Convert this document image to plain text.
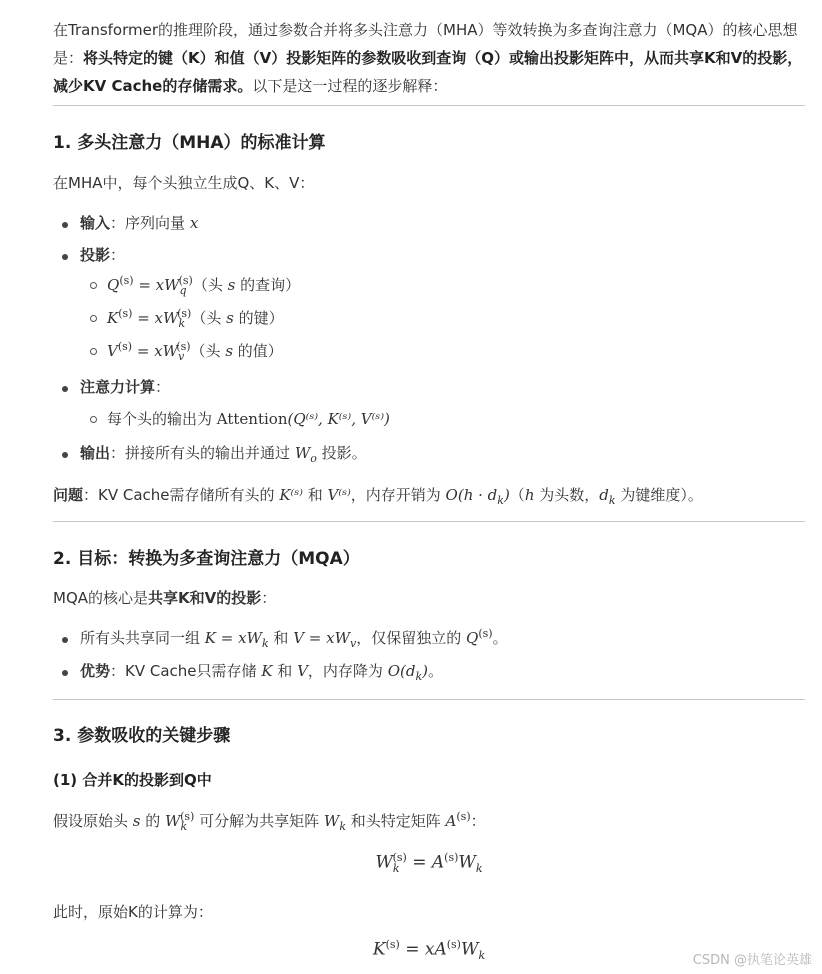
在Transformer的推理阶段，通过参数合并将多头注意力（MHA）等效转换为多查询注意力（MQA）的核心思想是：将头特定的键（K）和值（V）投影矩阵的参数吸收到查询（Q）或输出投影矩阵中，从而共享K和V的投影，减少KV Cache的存储需求。以下是这一过程的逐步解释：

1. 多头注意力（MHA）的标准计算

在MHA中，每个头独立生成Q、K、V：

输入：序列向量 x
投影：
$Q^{(s)} = xW_q^{(s)}$（头 s 的查询）
$K^{(s)} = xW_k^{(s)}$（头 s 的键）
$V^{(s)} = xW_v^{(s)}$（头 s 的值）
注意力计算：
每个头的输出为 Attention(Q⁽ˢ⁾, K⁽ˢ⁾, V⁽ˢ⁾)
输出：拼接所有头的输出并通过 $W_o$ 投影。

问题：KV Cache需存储所有头的 K⁽ˢ⁾ 和 V⁽ˢ⁾，内存开销为 $O(h \cdot d_k)(h$ 为头数，$d_k$ 为键维度）。

2. 目标：转换为多查询注意力（MQA）

MQA的核心是共享K和V的投影：

所有头共享同一组 $K = xW_k$ 和 $V = xW_v$，仅保留独立的 $Q^{(s)}$。
优势：KV Cache只需存储 K 和 V，内存降为 $O(d_k)$。
3. 参数吸收的关键步骤
(1) 合并K的投影到Q中

假设原始头 s 的 $W_k^{(s)}$ 可分解为共享矩阵 $W_k$ 和头特定矩阵 $A^{(s)}$：

$W_k^{(s)} = A^{(s)}W_k$

此时，原始K的计算为：

$K^{(s)} = xA^{(s)}W_k$	CSDN @执笔论英雄
